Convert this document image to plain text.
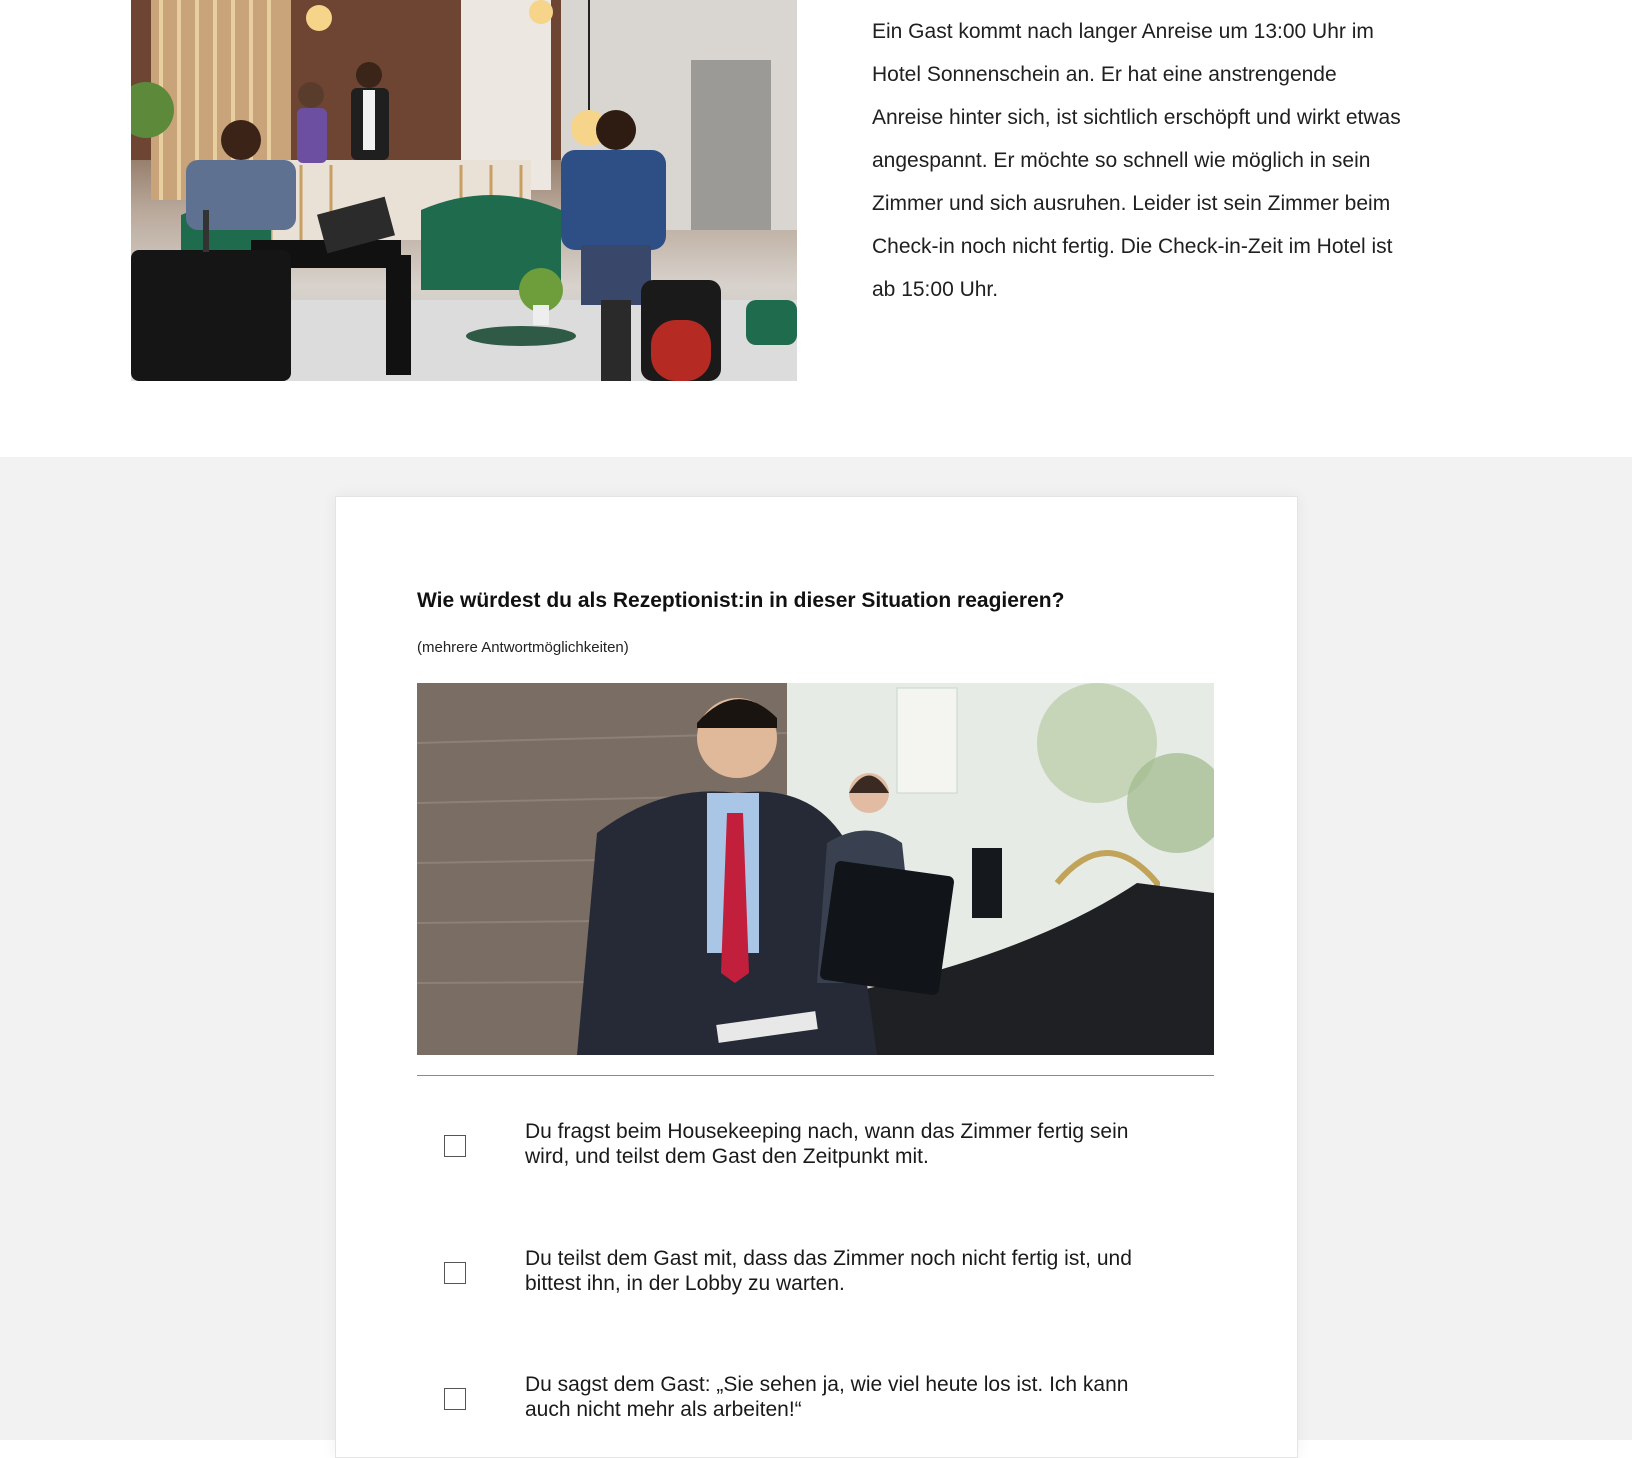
Ein Gast kommt nach langer Anreise um 13:00 Uhr im Hotel Sonnenschein an. Er hat eine anstrengende Anreise hinter sich, ist sichtlich erschöpft und wirkt etwas angespannt. Er möchte so schnell wie möglich in sein Zimmer und sich ausruhen. Leider ist sein Zimmer beim Check-in noch nicht fertig. Die Check-in-Zeit im Hotel ist ab 15:00 Uhr.
Wie würdest du als Rezeptionist:in in dieser Situation reagieren?
(mehrere Antwortmöglichkeiten)
Du fragst beim Housekeeping nach, wann das Zimmer fertig sein wird, und teilst dem Gast den Zeitpunkt mit.
Du teilst dem Gast mit, dass das Zimmer noch nicht fertig ist, und bittest ihn, in der Lobby zu warten.
Du sagst dem Gast: „Sie sehen ja, wie viel heute los ist. Ich kann auch nicht mehr als arbeiten!“
